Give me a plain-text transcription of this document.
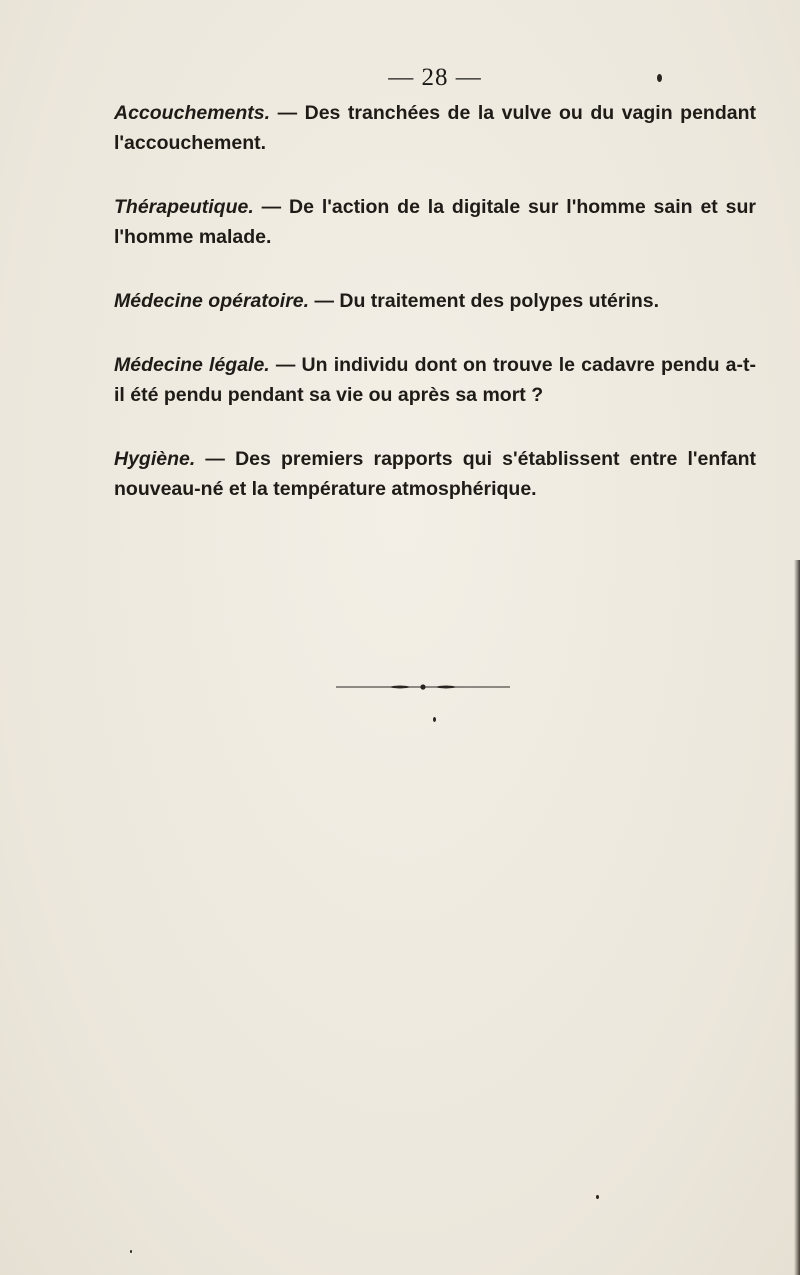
— 28 —

Accouchements. — Des tranchées de la vulve ou du vagin pendant l'accouchement.

Thérapeutique. — De l'action de la digitale sur l'homme sain et sur l'homme malade.

Médecine opératoire. — Du traitement des polypes utérins.

Médecine légale. — Un individu dont on trouve le cadavre pendu a-t-il été pendu pendant sa vie ou après sa mort ?

Hygiène. — Des premiers rapports qui s'établissent entre l'enfant nouveau-né et la température atmosphérique.
